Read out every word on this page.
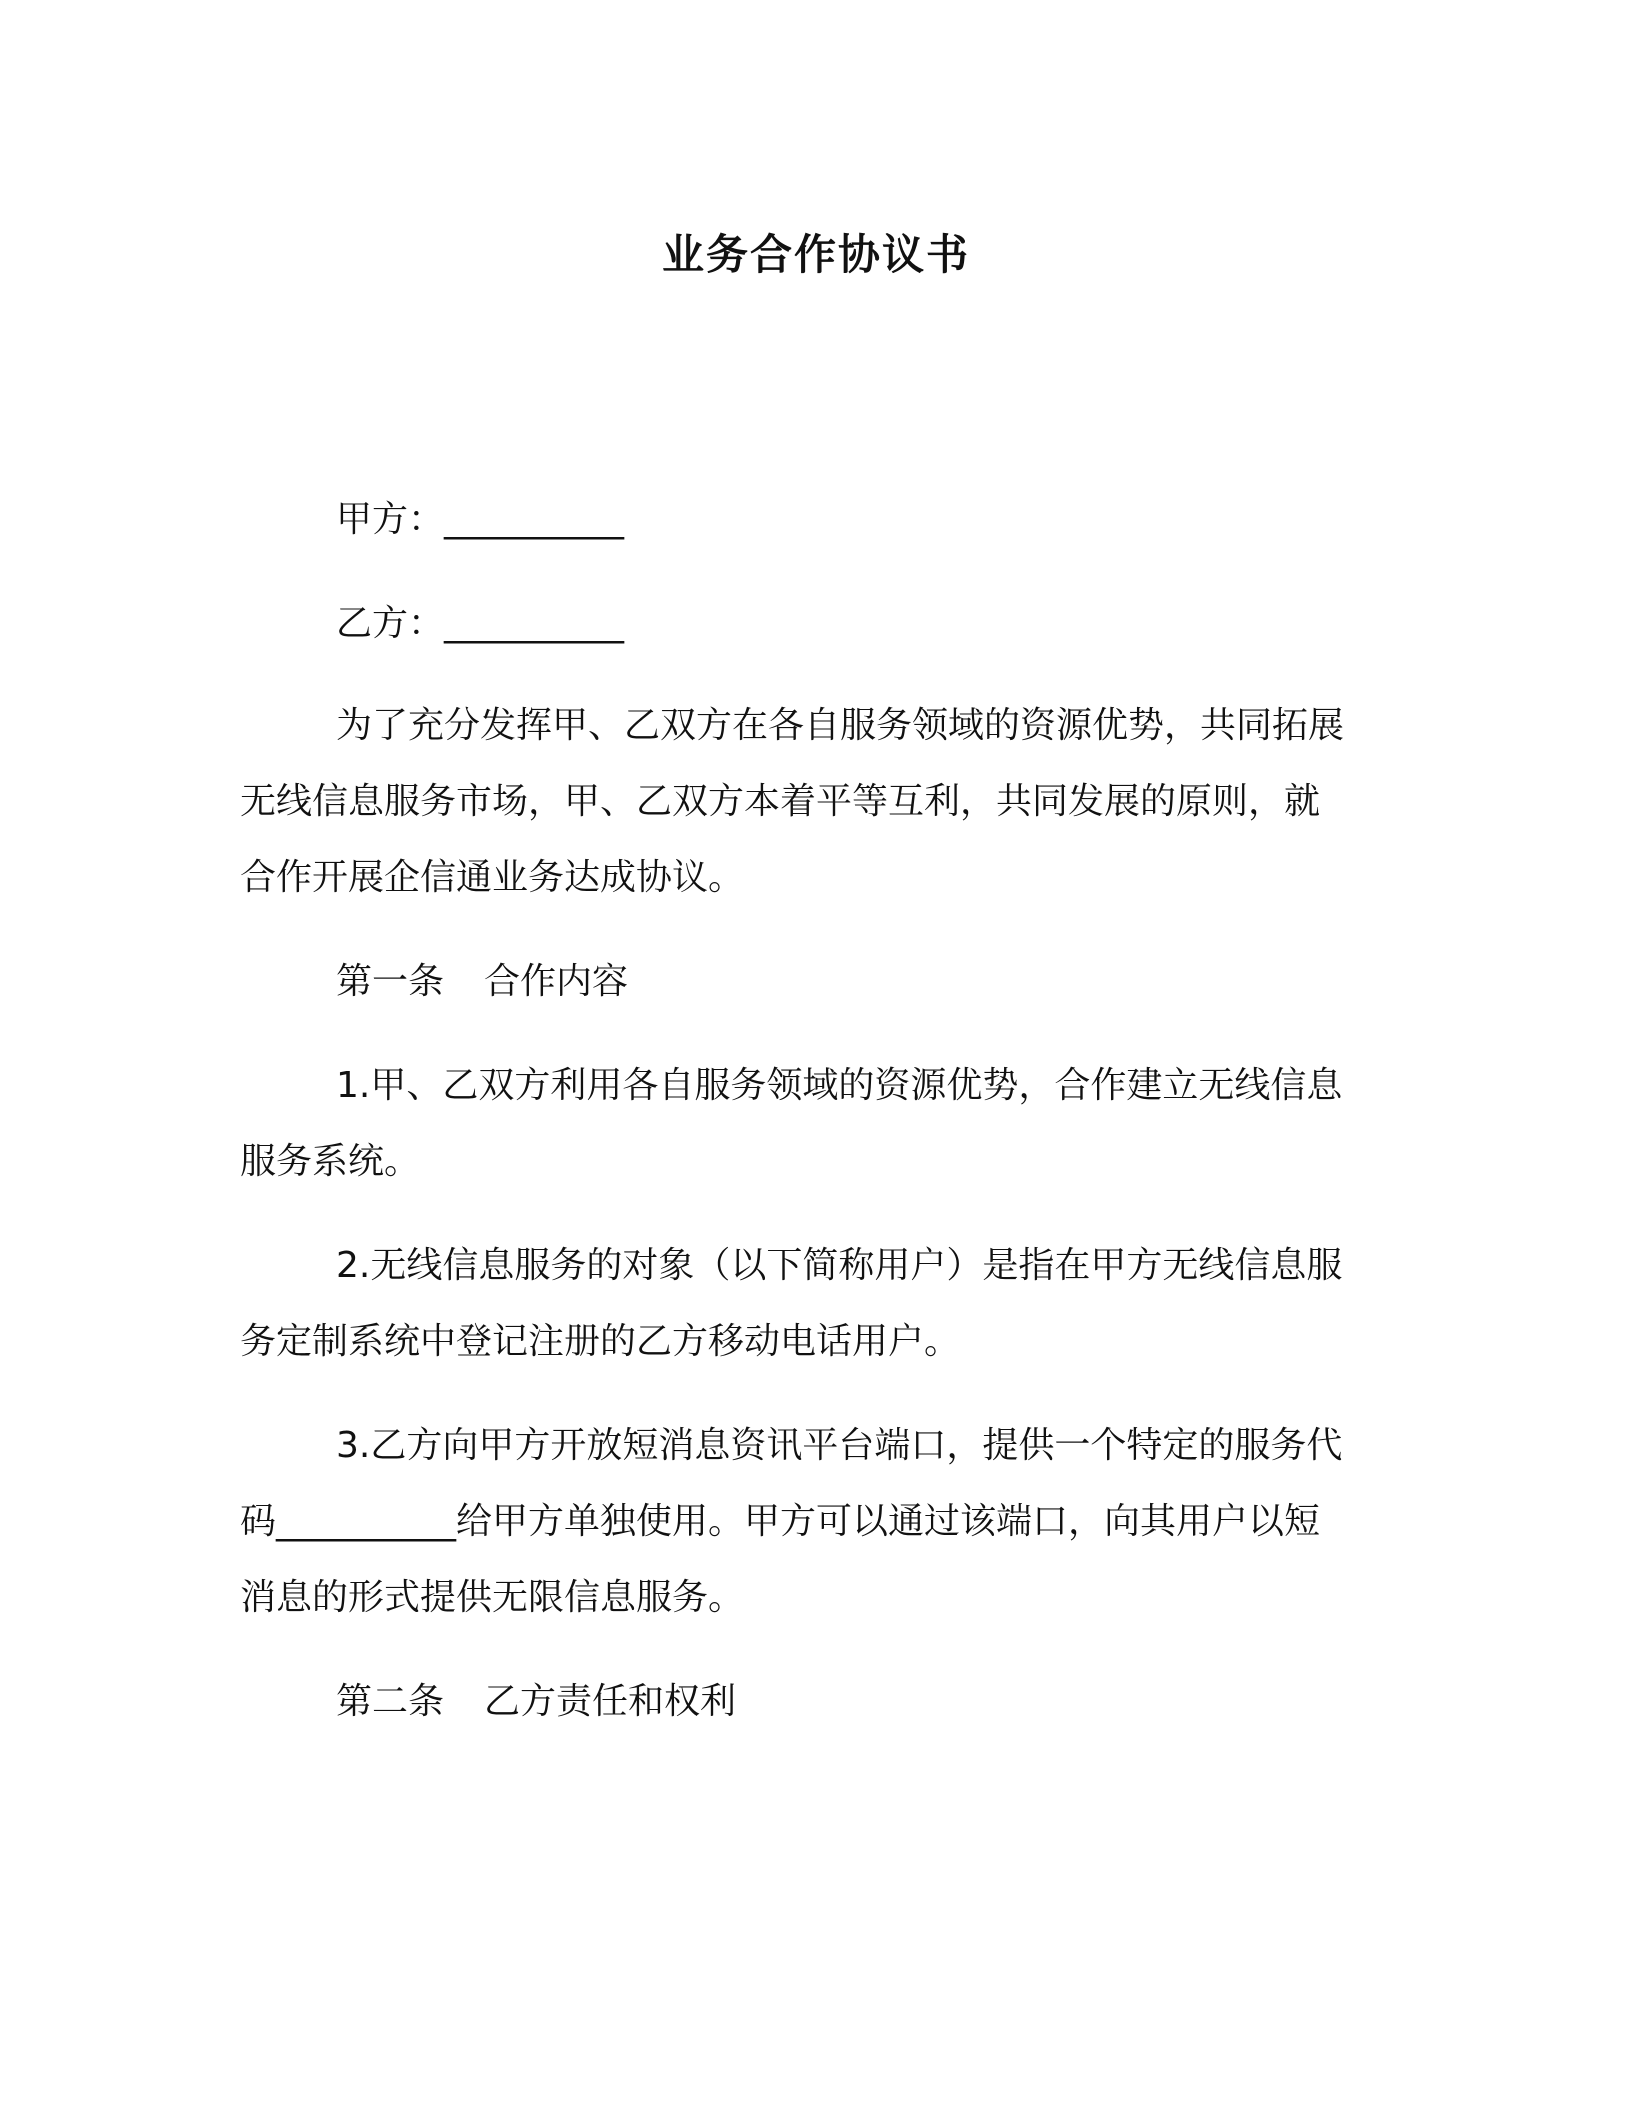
业务合作协议书
甲方：__________
乙方：__________
为了充分发挥甲、乙双方在各自服务领域的资源优势，共同拓展
无线信息服务市场，甲、乙双方本着平等互利，共同发展的原则，就
合作开展企信通业务达成协议。
第一条 合作内容
1.甲、乙双方利用各自服务领域的资源优势，合作建立无线信息
服务系统。
2.无线信息服务的对象（以下简称用户）是指在甲方无线信息服
务定制系统中登记注册的乙方移动电话用户。
3.乙方向甲方开放短消息资讯平台端口，提供一个特定的服务代
码__________给甲方单独使用。甲方可以通过该端口，向其用户以短
消息的形式提供无限信息服务。
第二条 乙方责任和权利
